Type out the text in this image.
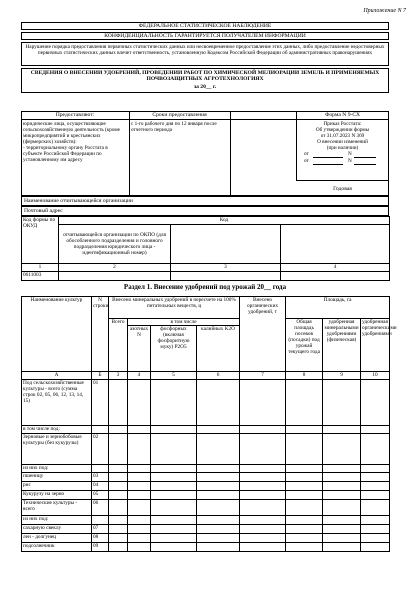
Приложение N 7
ФЕДЕРАЛЬНОЕ СТАТИСТИЧЕСКОЕ НАБЛЮДЕНИЕ
КОНФИДЕНЦИАЛЬНОСТЬ ГАРАНТИРУЕТСЯ ПОЛУЧАТЕЛЕМ ИНФОРМАЦИИ
Нарушение порядка предоставления первичных статистических данных или несвоевременное предоставление этих данных, либо предоставление недостоверных первичных статистических данных влечет ответственность, установленную Кодексом Российской Федерации об административных правонарушениях
СВЕДЕНИЯ О ВНЕСЕНИИ УДОБРЕНИЙ, ПРОВЕДЕНИИ РАБОТ ПО ХИМИЧЕСКОЙ МЕЛИОРАЦИИ ЗЕМЕЛЬ И ПРИМЕНЯЕМЫХ ПОЧВОЗАЩИТНЫХ АГРОТЕХНОЛОГИЯХ
за 20__ г.
Предоставляют:	Сроки предоставления	Форма N 9-СХ
юридические лица, осуществляющие сельскохозяйственную деятельность (кроме микропредприятий и крестьянских (фермерских) хозяйств):
- территориальному органу Росстата в субъекте Российской Федерации по установленному им адресу
с 1-го рабочего дня по 12 января после отчетного периода
Приказ Росстата:
Об утверждении формы
от 31.07.2023 N 369
О внесении изменений
(при наличии)
от	N
от	N
Годовая
Наименование отчитывающейся организации
Почтовый адрес
Код формы по ОКУД	Код		
	отчитывающейся организации по ОКПО (для обособленного подразделения и головного подразделения юридического лица - идентификационный номер)		
1	2	3	4
0611003			
Раздел 1. Внесение удобрений под урожай 20__ года
Наименование культур	N строки	Внесено минеральных удобрений в пересчете на 100% питательных веществ, ц				Внесено органических удобрений, т	Площадь, га		
		Всего	в том числе				Общая площадь посевов (посадки) под урожай текущего года	удобренная минеральными удобрениями (физическая)	удобренная органическими удобрениями
			азотных N	фосфорных (включая фосфоритную муку) P2O5	калийных K2O				
А	Б	3	4	5	6	7	8	9	10
Под сельскохозяйственные культуры - всего (сумма строк 02, 05, 06, 12, 13, 14, 15)	01								
в том числе под:									
Зерновые и зернобобовые культуры (без кукурузы)	02								
из них под:									
пшеницу	03								
рис	04								
Кукурузу на зерно	05								
Технические культуры - всего	06								
из них под:									
сахарную свеклу	07								
лен - долгунец	08								
подсолнечник	09								
